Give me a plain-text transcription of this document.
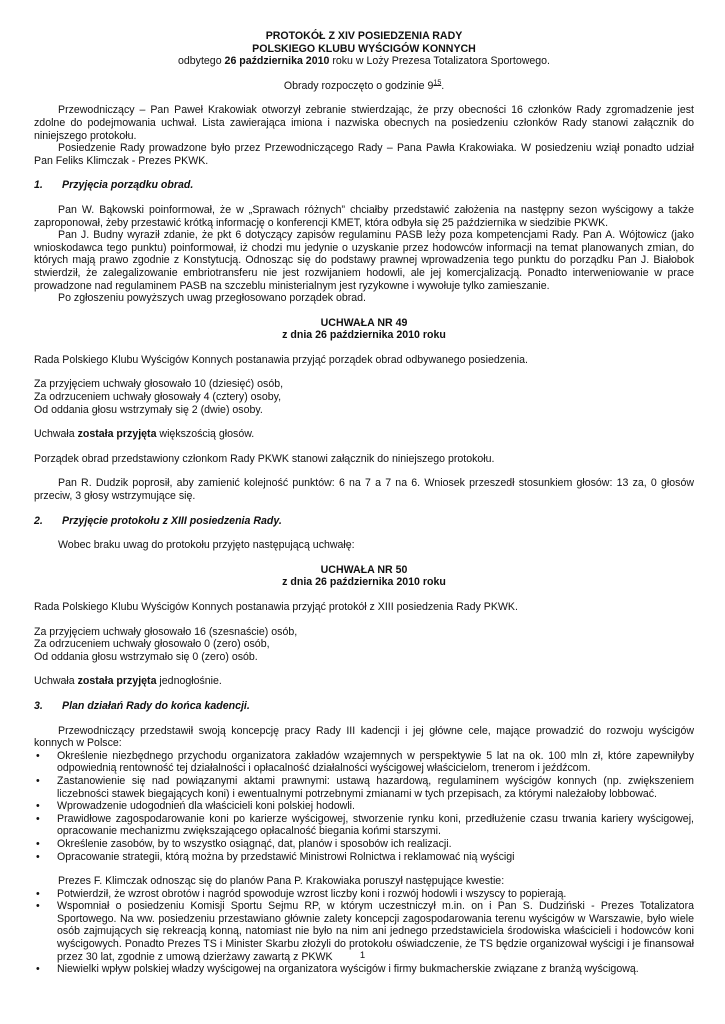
PROTOKÓŁ Z XIV POSIEDZENIA RADY

POLSKIEGO KLUBU WYŚCIGÓW KONNYCH

odbytego 26 października 2010 roku w Loży Prezesa Totalizatora Sportowego.

Obrady rozpoczęto o godzinie $9^{15}$.

Przewodniczący – Pan Paweł Krakowiak otworzył zebranie stwierdzając, że przy obecności 16 członków Rady zgromadzenie jest zdolne do podejmowania uchwał. Lista zawierająca imiona i nazwiska obecnych na posiedzeniu członków Rady stanowi załącznik do niniejszego protokołu.

Posiedzenie Rady prowadzone było przez Przewodniczącego Rady – Pana Pawła Krakowiaka. W posiedzeniu wziął ponadto udział Pan Feliks Klimczak - Prezes PKWK.

1. Przyjęcia porządku obrad.

Pan W. Bąkowski poinformował, że w „Sprawach różnych” chciałby przedstawić założenia na następny sezon wyścigowy a także zaproponował, żeby przestawić krótką informację o konferencji KMET, która odbyła się 25 października w siedzibie PKWK.

Pan J. Budny wyraził zdanie, że pkt 6 dotyczący zapisów regulaminu PASB leży poza kompetencjami Rady. Pan A. Wójtowicz (jako wnioskodawca tego punktu) poinformował, iż chodzi mu jedynie o uzyskanie przez hodowców informacji na temat planowanych zmian, do których mają prawo zgodnie z Konstytucją. Odnosząc się do podstawy prawnej wprowadzenia tego punktu do porządku Pan J. Białobok stwierdził, że zalegalizowanie embriotransferu nie jest rozwijaniem hodowli, ale jej komercjalizacją. Ponadto interweniowanie w prace prowadzone nad regulaminem PASB na szczeblu ministerialnym jest ryzykowne i wywołuje tylko zamieszanie.

Po zgłoszeniu powyższych uwag przegłosowano porządek obrad.

UCHWAŁA NR 49

z dnia 26 października 2010 roku

Rada Polskiego Klubu Wyścigów Konnych postanawia przyjąć porządek obrad odbywanego posiedzenia.

Za przyjęciem uchwały głosowało 10 (dziesięć) osób,

Za odrzuceniem uchwały głosowały 4 (cztery) osoby,

Od oddania głosu wstrzymały się 2 (dwie) osoby.

Uchwała została przyjęta większością głosów.

Porządek obrad przedstawiony członkom Rady PKWK stanowi załącznik do niniejszego protokołu.

Pan R. Dudzik poprosił, aby zamienić kolejność punktów: 6 na 7 a 7 na 6. Wniosek przeszedł stosunkiem głosów: 13 za, 0 głosów przeciw, 3 głosy wstrzymujące się.

2. Przyjęcie protokołu z XIII posiedzenia Rady.

Wobec braku uwag do protokołu przyjęto następującą uchwałę:

UCHWAŁA NR 50

z dnia 26 października 2010 roku

Rada Polskiego Klubu Wyścigów Konnych postanawia przyjąć protokół z XIII posiedzenia Rady PKWK.

Za przyjęciem uchwały głosowało 16 (szesnaście) osób,

Za odrzuceniem uchwały głosowało 0 (zero) osób,

Od oddania głosu wstrzymało się 0 (zero) osób.

Uchwała została przyjęta jednogłośnie.

3. Plan działań Rady do końca kadencji.

Przewodniczący przedstawił swoją koncepcję pracy Rady III kadencji i jej główne cele, mające prowadzić do rozwoju wyścigów konnych w Polsce:

• Określenie niezbędnego przychodu organizatora zakładów wzajemnych w perspektywie 5 lat na ok. 100 mln zł, które zapewniłyby odpowiednią rentowność tej działalności i opłacalność działalności wyścigowej właścicielom, trenerom i jeźdźcom.
• Zastanowienie się nad powiązanymi aktami prawnymi: ustawą hazardową, regulaminem wyścigów konnych (np. zwiększeniem liczebności stawek biegających koni) i ewentualnymi potrzebnymi zmianami w tych przepisach, za którymi należałoby lobbować.
• Wprowadzenie udogodnień dla właścicieli koni polskiej hodowli.
• Prawidłowe zagospodarowanie koni po karierze wyścigowej, stworzenie rynku koni, przedłużenie czasu trwania kariery wyścigowej, opracowanie mechanizmu zwiększającego opłacalność biegania końmi starszymi.
• Określenie zasobów, by to wszystko osiągnąć, dat, planów i sposobów ich realizacji.
• Opracowanie strategii, którą można by przedstawić Ministrowi Rolnictwa i reklamować nią wyścigi

Prezes F. Klimczak odnosząc się do planów Pana P. Krakowiaka poruszył następujące kwestie:

• Potwierdził, że wzrost obrotów i nagród spowoduje wzrost liczby koni i rozwój hodowli i wszyscy to popierają.
• Wspomniał o posiedzeniu Komisji Sportu Sejmu RP, w którym uczestniczył m.in. on i Pan S. Dudziński - Prezes Totalizatora Sportowego. Na ww. posiedzeniu przestawiano głównie zalety koncepcji zagospodarowania terenu wyścigów w Warszawie, było wiele osób zajmujących się rekreacją konną, natomiast nie było na nim ani jednego przedstawiciela środowiska właścicieli i hodowców koni wyścigowych. Ponadto Prezes TS i Minister Skarbu złożyli do protokołu oświadczenie, że TS będzie organizował wyścigi i je finansował przez 30 lat, zgodnie z umową dzierżawy zawartą z PKWK
• Niewielki wpływ polskiej władzy wyścigowej na organizatora wyścigów i firmy bukmacherskie związane z branżą wyścigową.
1
